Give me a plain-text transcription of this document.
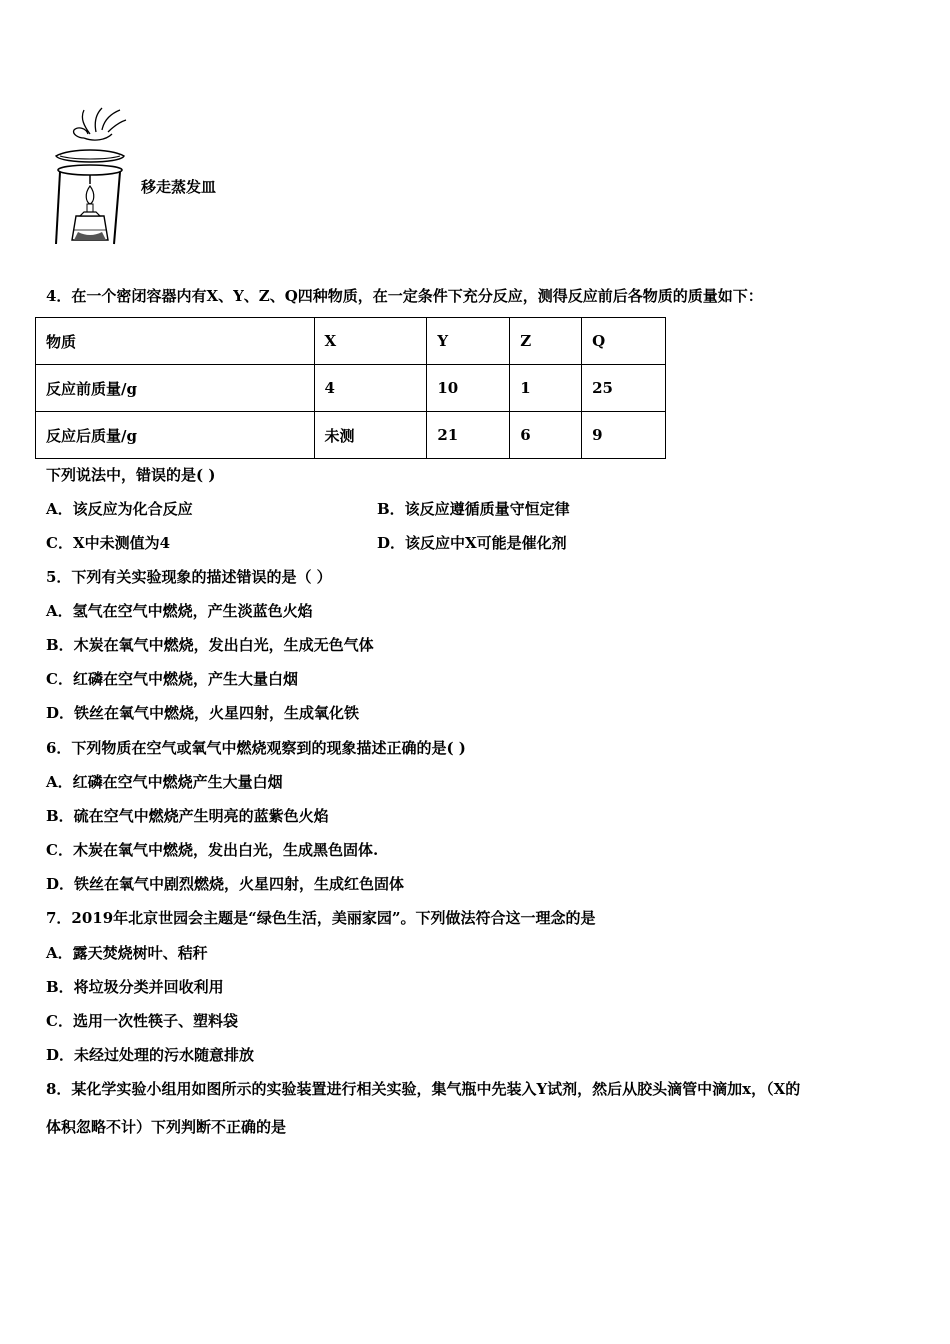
移走蒸发皿
4．在一个密闭容器内有X、Y、Z、Q四种物质，在一定条件下充分反应，测得反应前后各物质的质量如下：
物质	X	Y	Z	Q
反应前质量/g	4	10	1	25
反应后质量/g	未测	21	6	9
下列说法中，错误的是( )
A．该反应为化合反应	B．该反应遵循质量守恒定律
C．X中未测值为4	D．该反应中X可能是催化剂
5．下列有关实验现象的描述错误的是（ ）
A．氢气在空气中燃烧，产生淡蓝色火焰
B．木炭在氧气中燃烧，发出白光，生成无色气体
C．红磷在空气中燃烧，产生大量白烟
D．铁丝在氧气中燃烧，火星四射，生成氧化铁
6．下列物质在空气或氧气中燃烧观察到的现象描述正确的是( )
A．红磷在空气中燃烧产生大量白烟
B．硫在空气中燃烧产生明亮的蓝紫色火焰
C．木炭在氧气中燃烧，发出白光，生成黑色固体.
D．铁丝在氧气中剧烈燃烧，火星四射，生成红色固体
7．2019年北京世园会主题是“绿色生活，美丽家园”。下列做法符合这一理念的是
A．露天焚烧树叶、秸秆
B．将垃圾分类并回收利用
C．选用一次性筷子、塑料袋
D．未经过处理的污水随意排放
8．某化学实验小组用如图所示的实验装置进行相关实验，集气瓶中先装入Y试剂，然后从胶头滴管中滴加x，（X的
体积忽略不计）下列判断不正确的是
